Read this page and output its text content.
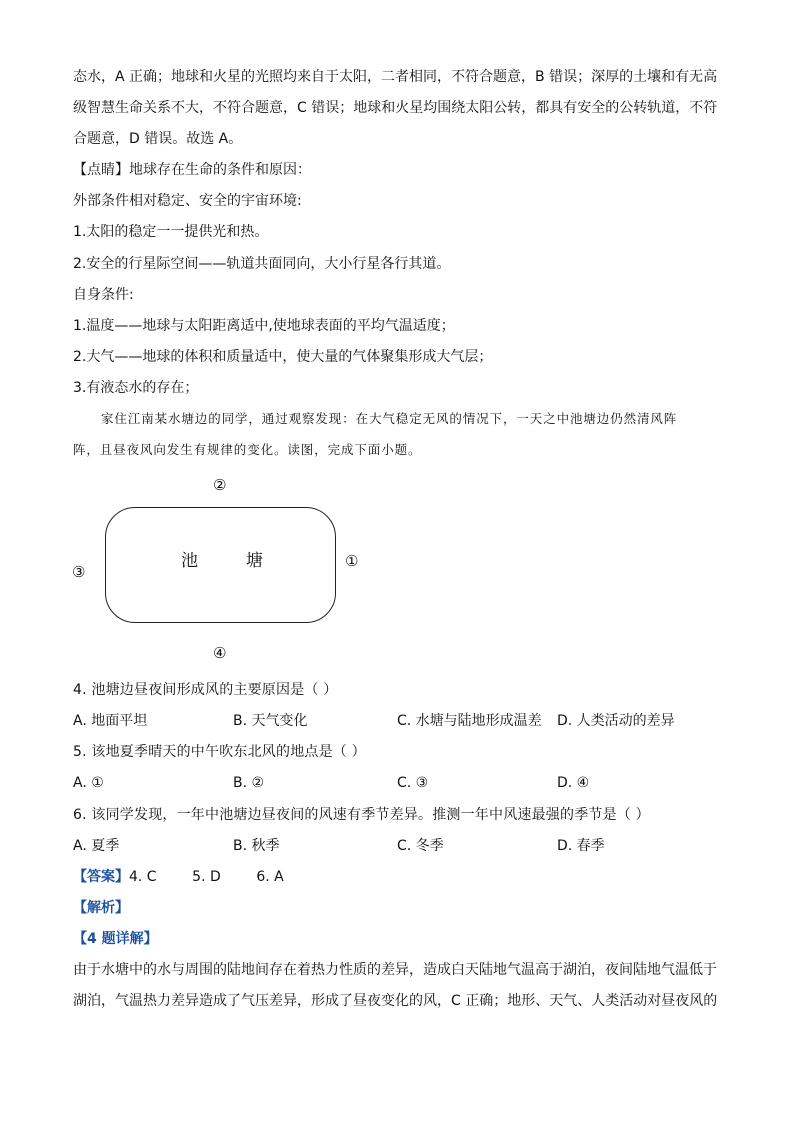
态水，A 正确；地球和火星的光照均来自于太阳，二者相同，不符合题意，B 错误；深厚的土壤和有无高
级智慧生命关系不大，不符合题意，C 错误；地球和火星均围绕太阳公转，都具有安全的公转轨道，不符
合题意，D 错误。故选 A。
【点睛】地球存在生命的条件和原因：
外部条件相对稳定、安全的宇宙环境:
1.太阳的稳定一一提供光和热。
2.安全的行星际空间——轨道共面同向，大小行星各行其道。
自身条件:
1.温度——地球与太阳距离适中,使地球表面的平均气温适度；
2.大气——地球的体积和质量适中，使大量的气体聚集形成大气层；
3.有液态水的存在；
家住江南某水塘边的同学，通过观察发现：在大气稳定无风的情况下，一天之中池塘边仍然清风阵
阵，且昼夜风向发生有规律的变化。读图，完成下面小题。
②
池	塘	①
③
④
4. 池塘边昼夜间形成风的主要原因是（ ）
A. 地面平坦	B. 天气变化	C. 水塘与陆地形成温差 D. 人类活动的差异
5. 该地夏季晴天的中午吹东北风的地点是（ ）
A. ①	B. ②	C. ③	D. ④
6. 该同学发现，一年中池塘边昼夜间的风速有季节差异。推测一年中风速最强的季节是（ ）
A. 夏季	B. 秋季	C. 冬季	D. 春季
【答案】4. C        5. D        6. A
【解析】
【4 题详解】
由于水塘中的水与周围的陆地间存在着热力性质的差异，造成白天陆地气温高于湖泊，夜间陆地气温低于
湖泊，气温热力差异造成了气压差异，形成了昼夜变化的风，C 正确；地形、天气、人类活动对昼夜风的
